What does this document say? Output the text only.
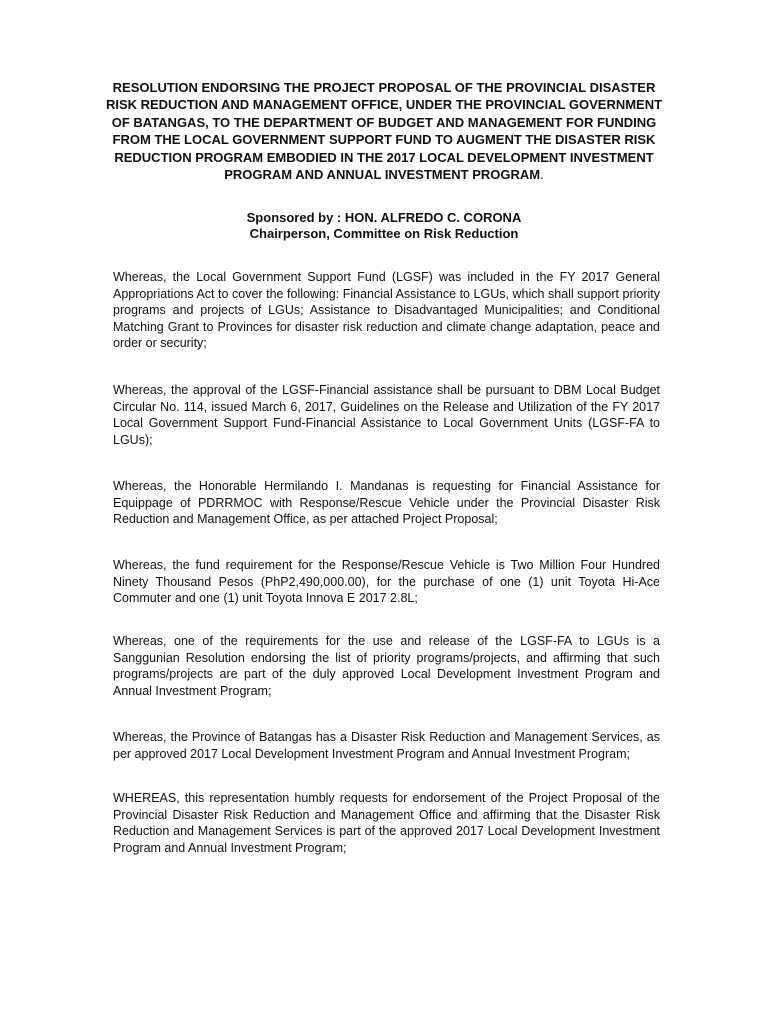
RESOLUTION ENDORSING THE PROJECT PROPOSAL OF THE PROVINCIAL DISASTER RISK REDUCTION AND MANAGEMENT OFFICE, UNDER THE PROVINCIAL GOVERNMENT OF BATANGAS, TO THE DEPARTMENT OF BUDGET AND MANAGEMENT FOR FUNDING FROM THE LOCAL GOVERNMENT SUPPORT FUND TO AUGMENT THE DISASTER RISK REDUCTION PROGRAM EMBODIED IN THE 2017 LOCAL DEVELOPMENT INVESTMENT PROGRAM AND ANNUAL INVESTMENT PROGRAM.
Sponsored by : HON. ALFREDO C. CORONA
Chairperson, Committee on Risk Reduction

Whereas, the Local Government Support Fund (LGSF) was included in the FY 2017 General Appropriations Act to cover the following: Financial Assistance to LGUs, which shall support priority programs and projects of LGUs; Assistance to Disadvantaged Municipalities; and Conditional Matching Grant to Provinces for disaster risk reduction and climate change adaptation, peace and order or security;

Whereas, the approval of the LGSF-Financial assistance shall be pursuant to DBM Local Budget Circular No. 114, issued March 6, 2017, Guidelines on the Release and Utilization of the FY 2017 Local Government Support Fund-Financial Assistance to Local Government Units (LGSF-FA to LGUs);

Whereas, the Honorable Hermilando I. Mandanas is requesting for Financial Assistance for Equippage of PDRRMOC with Response/Rescue Vehicle under the Provincial Disaster Risk Reduction and Management Office, as per attached Project Proposal;

Whereas, the fund requirement for the Response/Rescue Vehicle is Two Million Four Hundred Ninety Thousand Pesos (PhP2,490,000.00), for the purchase of one (1) unit Toyota Hi-Ace Commuter and one (1) unit Toyota Innova E 2017 2.8L;

Whereas, one of the requirements for the use and release of the LGSF-FA to LGUs is a Sanggunian Resolution endorsing the list of priority programs/projects, and affirming that such programs/projects are part of the duly approved Local Development Investment Program and Annual Investment Program;

Whereas, the Province of Batangas has a Disaster Risk Reduction and Management Services, as per approved 2017 Local Development Investment Program and Annual Investment Program;

WHEREAS, this representation humbly requests for endorsement of the Project Proposal of the Provincial Disaster Risk Reduction and Management Office and affirming that the Disaster Risk Reduction and Management Services is part of the approved 2017 Local Development Investment Program and Annual Investment Program;
